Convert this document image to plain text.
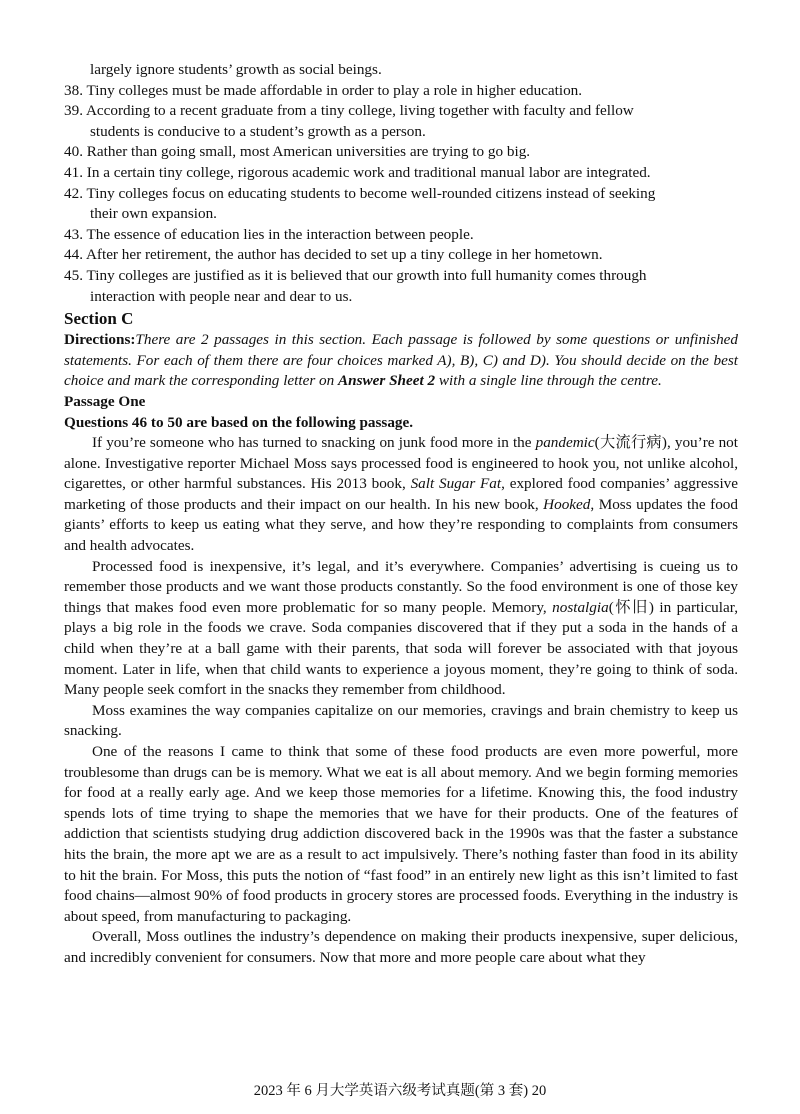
largely ignore students’ growth as social beings.

38. Tiny colleges must be made affordable in order to play a role in higher education.

39. According to a recent graduate from a tiny college, living together with faculty and fellow
students is conducive to a student’s growth as a person.

40. Rather than going small, most American universities are trying to go big.

41. In a certain tiny college, rigorous academic work and traditional manual labor are integrated.

42. Tiny colleges focus on educating students to become well-rounded citizens instead of seeking
their own expansion.

43. The essence of education lies in the interaction between people.

44. After her retirement, the author has decided to set up a tiny college in her hometown.

45. Tiny colleges are justified as it is believed that our growth into full humanity comes through
interaction with people near and dear to us.

Section C

Directions:There are 2 passages in this section. Each passage is followed by some questions or unfinished statements. For each of them there are four choices marked A), B), C) and D). You should decide on the best choice and mark the corresponding letter on Answer Sheet 2 with a single line through the centre.

Passage One

Questions 46 to 50 are based on the following passage.

If you’re someone who has turned to snacking on junk food more in the pandemic(大流行病), you’re not alone. Investigative reporter Michael Moss says processed food is engineered to hook you, not unlike alcohol, cigarettes, or other harmful substances. His 2013 book, Salt Sugar Fat, explored food companies’ aggressive marketing of those products and their impact on our health. In his new book, Hooked, Moss updates the food giants’ efforts to keep us eating what they serve, and how they’re responding to complaints from consumers and health advocates.

Processed food is inexpensive, it’s legal, and it’s everywhere. Companies’ advertising is cueing us to remember those products and we want those products constantly. So the food environment is one of those key things that makes food even more problematic for so many people. Memory, nostalgia(怀旧) in particular, plays a big role in the foods we crave. Soda companies discovered that if they put a soda in the hands of a child when they’re at a ball game with their parents, that soda will forever be associated with that joyous moment. Later in life, when that child wants to experience a joyous moment, they’re going to think of soda. Many people seek comfort in the snacks they remember from childhood.

Moss examines the way companies capitalize on our memories, cravings and brain chemistry to keep us snacking.

One of the reasons I came to think that some of these food products are even more powerful, more troublesome than drugs can be is memory. What we eat is all about memory. And we begin forming memories for food at a really early age. And we keep those memories for a lifetime. Knowing this, the food industry spends lots of time trying to shape the memories that we have for their products. One of the features of addiction that scientists studying drug addiction discovered back in the 1990s was that the faster a substance hits the brain, the more apt we are as a result to act impulsively. There’s nothing faster than food in its ability to hit the brain. For Moss, this puts the notion of “fast food” in an entirely new light as this isn’t limited to fast food chains—almost 90% of food products in grocery stores are processed foods. Everything in the industry is about speed, from manufacturing to packaging.

Overall, Moss outlines the industry’s dependence on making their products inexpensive, super delicious, and incredibly convenient for consumers. Now that more and more people care about what they

2023 年 6 月大学英语六级考试真题(第 3 套) 20
